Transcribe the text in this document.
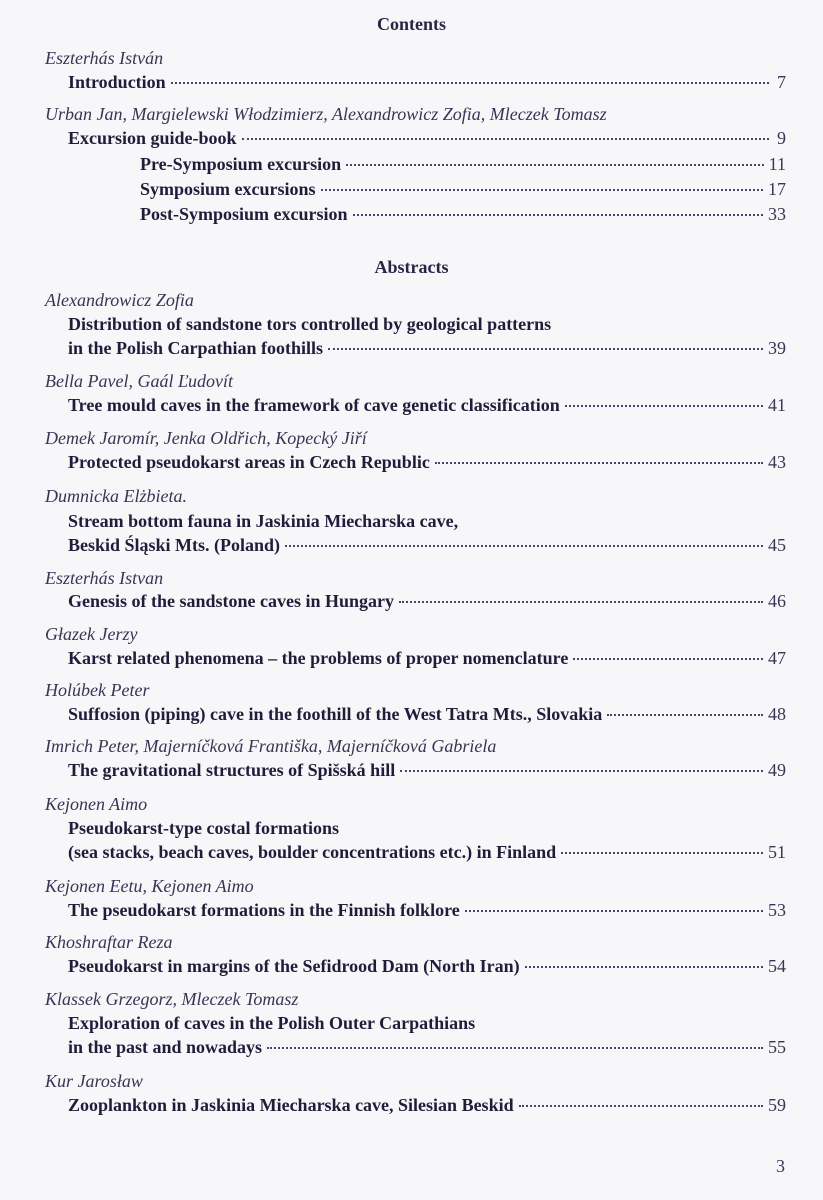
Contents
Eszterhás István
Introduction	7
Urban Jan, Margielewski Włodzimierz, Alexandrowicz Zofia, Mleczek Tomasz
Excursion guide-book	9
Pre-Symposium excursion	11
Symposium excursions	17
Post-Symposium excursion	33
Abstracts
Alexandrowicz Zofia
Distribution of sandstone tors controlled by geological patterns
in the Polish Carpathian foothills	39
Bella Pavel, Gaál Ľudovít
Tree mould caves in the framework of cave genetic classification	41
Demek Jaromír, Jenka Oldřich, Kopecký Jiří
Protected pseudokarst areas in Czech Republic	43
Dumnicka Elżbieta.
Stream bottom fauna in Jaskinia Miecharska cave,
Beskid Śląski Mts. (Poland)	45
Eszterhás Istvan
Genesis of the sandstone caves in Hungary	46
Głazek Jerzy
Karst related phenomena – the problems of proper nomenclature	47
Holúbek Peter
Suffosion (piping) cave in the foothill of the West Tatra Mts., Slovakia	48
Imrich Peter, Majerníčková Františka, Majerníčková Gabriela
The gravitational structures of Spišská hill	49
Kejonen Aimo
Pseudokarst-type costal formations
(sea stacks, beach caves, boulder concentrations etc.) in Finland	51
Kejonen Eetu, Kejonen Aimo
The pseudokarst formations in the Finnish folklore	53
Khoshraftar Reza
Pseudokarst in margins of the Sefidrood Dam (North Iran)	54
Klassek Grzegorz, Mleczek Tomasz
Exploration of caves in the Polish Outer Carpathians
in the past and nowadays	55
Kur Jarosław
Zooplankton in Jaskinia Miecharska cave, Silesian Beskid	59
3
